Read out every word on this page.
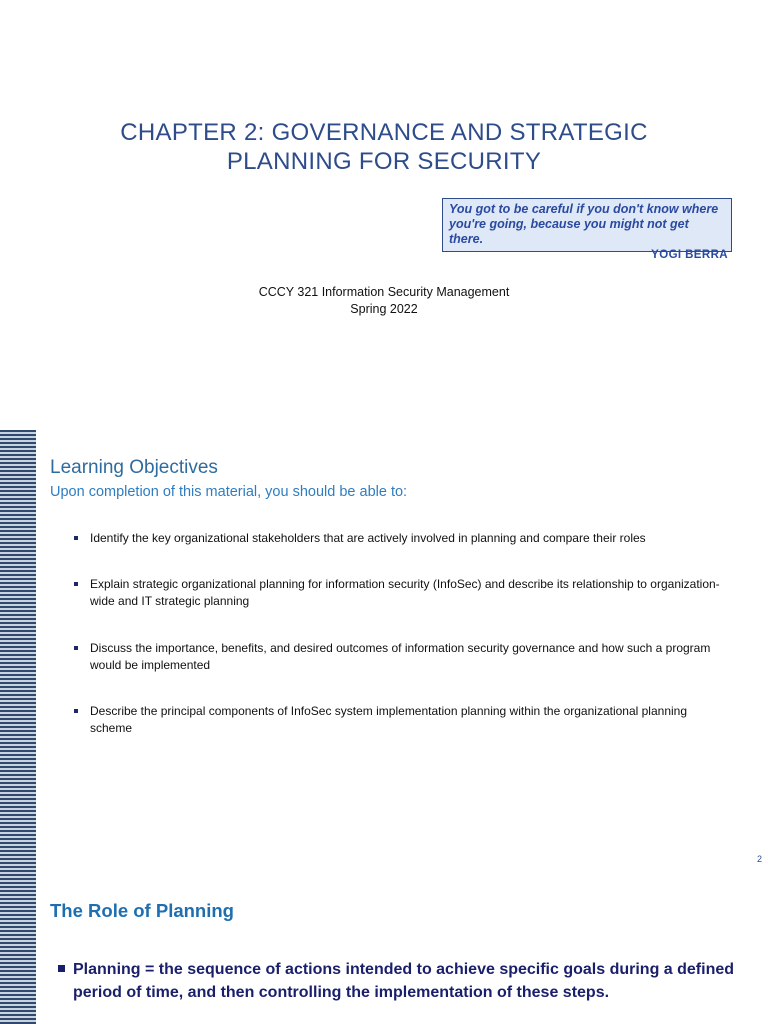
CHAPTER 2: GOVERNANCE AND STRATEGIC
PLANNING FOR SECURITY

You got to be careful if you don't know where you're going, because you might not get there.

YOGI BERRA
CCCY 321 Information Security Management
Spring 2022
Learning Objectives

Upon completion of this material, you should be able to:

Identify the key organizational stakeholders that are actively involved in planning and compare their roles
Explain strategic organizational planning for information security (InfoSec) and describe its relationship to organization-wide and IT strategic planning
Discuss the importance, benefits, and desired outcomes of information security governance and how such a program would be implemented
Describe the principal components of InfoSec system implementation planning within the organizational planning scheme
2
The Role of Planning
Planning = the sequence of actions intended to achieve specific goals during a defined period of time, and then controlling the implementation of these steps.
